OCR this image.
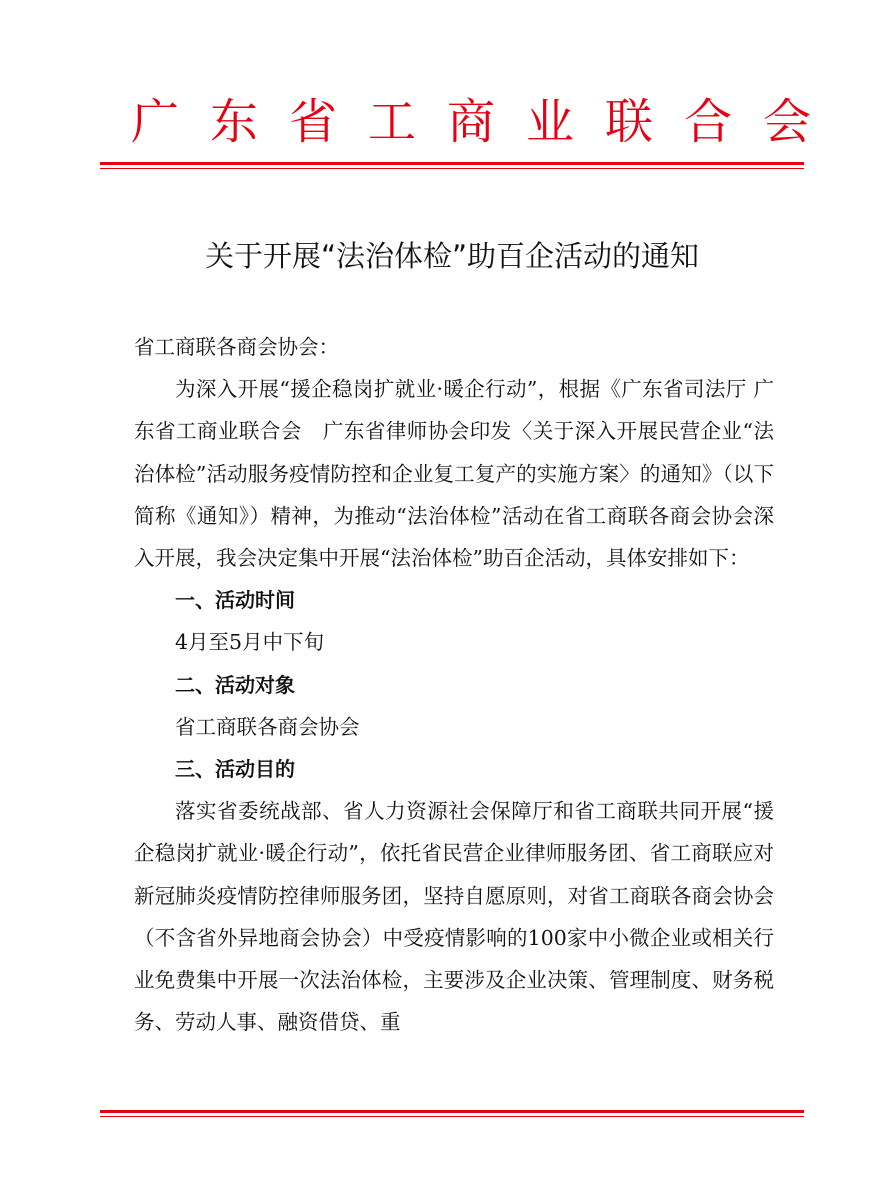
广东省工商业联合会
关于开展“法治体检”助百企活动的通知

省工商联各商会协会：

为深入开展“援企稳岗扩就业·暖企行动”，根据《广东省司法厅 广东省工商业联合会　广东省律师协会印发〈关于深入开展民营企业“法治体检”活动服务疫情防控和企业复工复产的实施方案〉的通知》（以下简称《通知》）精神，为推动“法治体检”活动在省工商联各商会协会深入开展，我会决定集中开展“法治体检”助百企活动，具体安排如下：

一、活动时间

4月至5月中下旬

二、活动对象

省工商联各商会协会

三、活动目的

落实省委统战部、省人力资源社会保障厅和省工商联共同开展“援企稳岗扩就业·暖企行动”，依托省民营企业律师服务团、省工商联应对新冠肺炎疫情防控律师服务团，坚持自愿原则，对省工商联各商会协会（不含省外异地商会协会）中受疫情影响的100家中小微企业或相关行业免费集中开展一次法治体检，主要涉及企业决策、管理制度、财务税务、劳动人事、融资借贷、重
